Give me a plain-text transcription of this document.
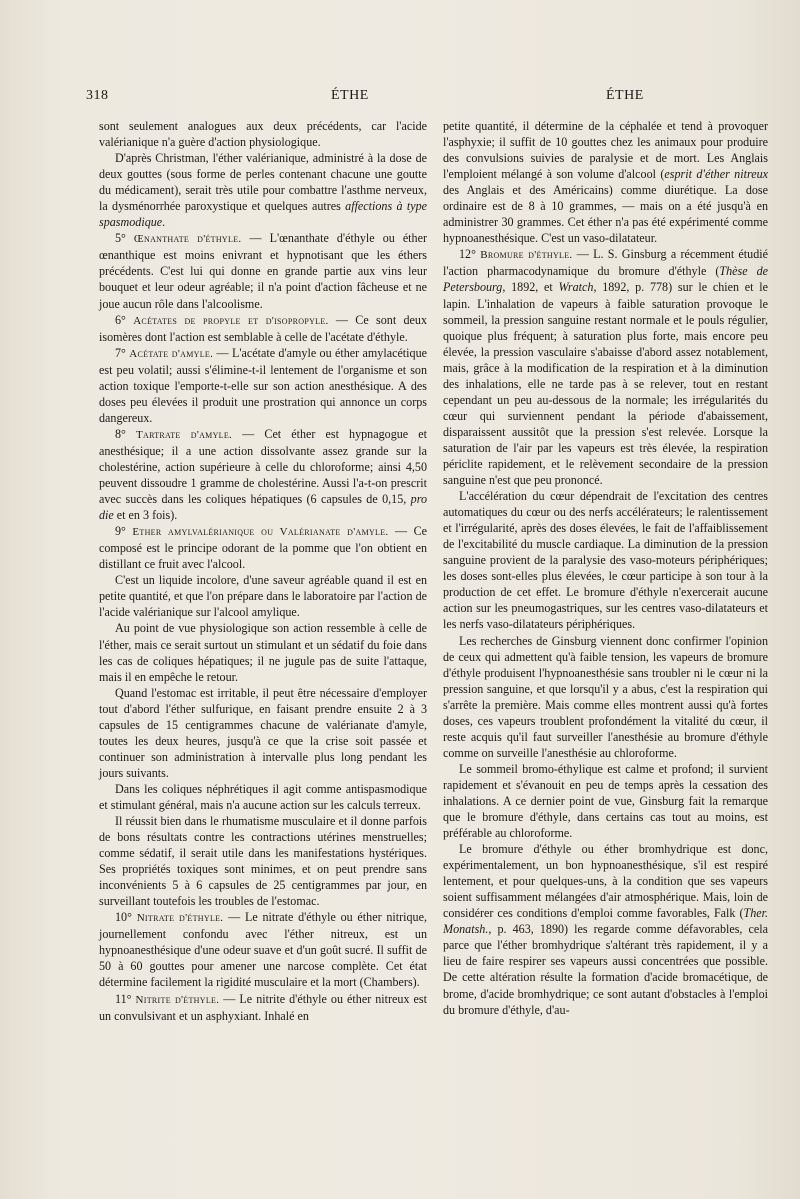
318	ÉTHE	ÉTHE

sont seulement analogues aux deux précédents, car l'acide valérianique n'a guère d'action physiologique.

D'après Christman, l'éther valérianique, administré à la dose de deux gouttes (sous forme de perles contenant chacune une goutte du médicament), serait très utile pour combattre l'asthme nerveux, la dysménorrhée paroxystique et quelques autres affections à type spasmodique.

5° Œnanthate d'éthyle. — L'œnanthate d'éthyle ou éther œnanthique est moins enivrant et hypnotisant que les éthers précédents. C'est lui qui donne en grande partie aux vins leur bouquet et leur odeur agréable; il n'a point d'action fâcheuse et ne joue aucun rôle dans l'alcoolisme.

6° Acétates de propyle et d'isopropyle. — Ce sont deux isomères dont l'action est semblable à celle de l'acétate d'éthyle.

7° Acétate d'amyle. — L'acétate d'amyle ou éther amylacétique est peu volatil; aussi s'élimine-t-il lentement de l'organisme et son action toxique l'emporte-t-elle sur son action anesthésique. A des doses peu élevées il produit une prostration qui annonce un corps dangereux.

8° Tartrate d'amyle. — Cet éther est hypnagogue et anesthésique; il a une action dissolvante assez grande sur la cholestérine, action supérieure à celle du chloroforme; ainsi 4,50 peuvent dissoudre 1 gramme de cholestérine. Aussi l'a-t-on prescrit avec succès dans les coliques hépatiques (6 capsules de 0,15, pro die et en 3 fois).

9° Ether amylvalérianique ou Valérianate d'amyle. — Ce composé est le principe odorant de la pomme que l'on obtient en distillant ce fruit avec l'alcool.

C'est un liquide incolore, d'une saveur agréable quand il est en petite quantité, et que l'on prépare dans le laboratoire par l'action de l'acide valérianique sur l'alcool amylique.

Au point de vue physiologique son action ressemble à celle de l'éther, mais ce serait surtout un stimulant et un sédatif du foie dans les cas de coliques hépatiques; il ne jugule pas de suite l'attaque, mais il en empêche le retour.

Quand l'estomac est irritable, il peut être nécessaire d'employer tout d'abord l'éther sulfurique, en faisant prendre ensuite 2 à 3 capsules de 15 centigrammes chacune de valérianate d'amyle, toutes les deux heures, jusqu'à ce que la crise soit passée et continuer son administration à intervalle plus long pendant les jours suivants.

Dans les coliques néphrétiques il agit comme antispasmodique et stimulant général, mais n'a aucune action sur les calculs terreux.

Il réussit bien dans le rhumatisme musculaire et il donne parfois de bons résultats contre les contractions utérines menstruelles; comme sédatif, il serait utile dans les manifestations hystériques. Ses propriétés toxiques sont minimes, et on peut prendre sans inconvénients 5 à 6 capsules de 25 centigrammes par jour, en surveillant toutefois les troubles de l'estomac.

10° Nitrate d'éthyle. — Le nitrate d'éthyle ou éther nitrique, journellement confondu avec l'éther nitreux, est un hypnoanesthésique d'une odeur suave et d'un goût sucré. Il suffit de 50 à 60 gouttes pour amener une narcose complète. Cet état détermine facilement la rigidité musculaire et la mort (Chambers).

11° Nitrite d'éthyle. — Le nitrite d'éthyle ou éther nitreux est un convulsivant et un asphyxiant. Inhalé en

petite quantité, il détermine de la céphalée et tend à provoquer l'asphyxie; il suffit de 10 gouttes chez les animaux pour produire des convulsions suivies de paralysie et de mort. Les Anglais l'emploient mélangé à son volume d'alcool (esprit d'éther nitreux des Anglais et des Américains) comme diurétique. La dose ordinaire est de 8 à 10 grammes, — mais on a été jusqu'à en administrer 30 grammes. Cet éther n'a pas été expérimenté comme hypnoanesthésique. C'est un vaso-dilatateur.

12° Bromure d'éthyle. — L. S. Ginsburg a récemment étudié l'action pharmacodynamique du bromure d'éthyle (Thèse de Petersbourg, 1892, et Wratch, 1892, p. 778) sur le chien et le lapin. L'inhalation de vapeurs à faible saturation provoque le sommeil, la pression sanguine restant normale et le pouls régulier, quoique plus fréquent; à saturation plus forte, mais encore peu élevée, la pression vasculaire s'abaisse d'abord assez notablement, mais, grâce à la modification de la respiration et à la diminution des inhalations, elle ne tarde pas à se relever, tout en restant cependant un peu au-dessous de la normale; les irrégularités du cœur qui surviennent pendant la période d'abaissement, disparaissent aussitôt que la pression s'est relevée. Lorsque la saturation de l'air par les vapeurs est très élevée, la respiration périclite rapidement, et le relèvement secondaire de la pression sanguine n'est que peu prononcé.

L'accélération du cœur dépendrait de l'excitation des centres automatiques du cœur ou des nerfs accélérateurs; le ralentissement et l'irrégularité, après des doses élevées, le fait de l'affaiblissement de l'excitabilité du muscle cardiaque. La diminution de la pression sanguine provient de la paralysie des vaso-moteurs périphériques; les doses sont-elles plus élevées, le cœur participe à son tour à la production de cet effet. Le bromure d'éthyle n'exercerait aucune action sur les pneumogastriques, sur les centres vaso-dilatateurs et les nerfs vaso-dilatateurs périphériques.

Les recherches de Ginsburg viennent donc confirmer l'opinion de ceux qui admettent qu'à faible tension, les vapeurs de bromure d'éthyle produisent l'hypnoanesthésie sans troubler ni le cœur ni la pression sanguine, et que lorsqu'il y a abus, c'est la respiration qui s'arrête la première. Mais comme elles montrent aussi qu'à fortes doses, ces vapeurs troublent profondément la vitalité du cœur, il reste acquis qu'il faut surveiller l'anesthésie au bromure d'éthyle comme on surveille l'anesthésie au chloroforme.

Le sommeil bromo-éthylique est calme et profond; il survient rapidement et s'évanouit en peu de temps après la cessation des inhalations. A ce dernier point de vue, Ginsburg fait la remarque que le bromure d'éthyle, dans certains cas tout au moins, est préférable au chloroforme.

Le bromure d'éthyle ou éther bromhydrique est donc, expérimentalement, un bon hypnoanesthésique, s'il est respiré lentement, et pour quelques-uns, à la condition que ses vapeurs soient suffisamment mélangées d'air atmosphérique. Mais, loin de considérer ces conditions d'emploi comme favorables, Falk (Ther. Monatsh., p. 463, 1890) les regarde comme défavorables, cela parce que l'éther bromhydrique s'altérant très rapidement, il y a lieu de faire respirer ses vapeurs aussi concentrées que possible. De cette altération résulte la formation d'acide bromacétique, de brome, d'acide bromhydrique; ce sont autant d'obstacles à l'emploi du bromure d'éthyle, d'au-
